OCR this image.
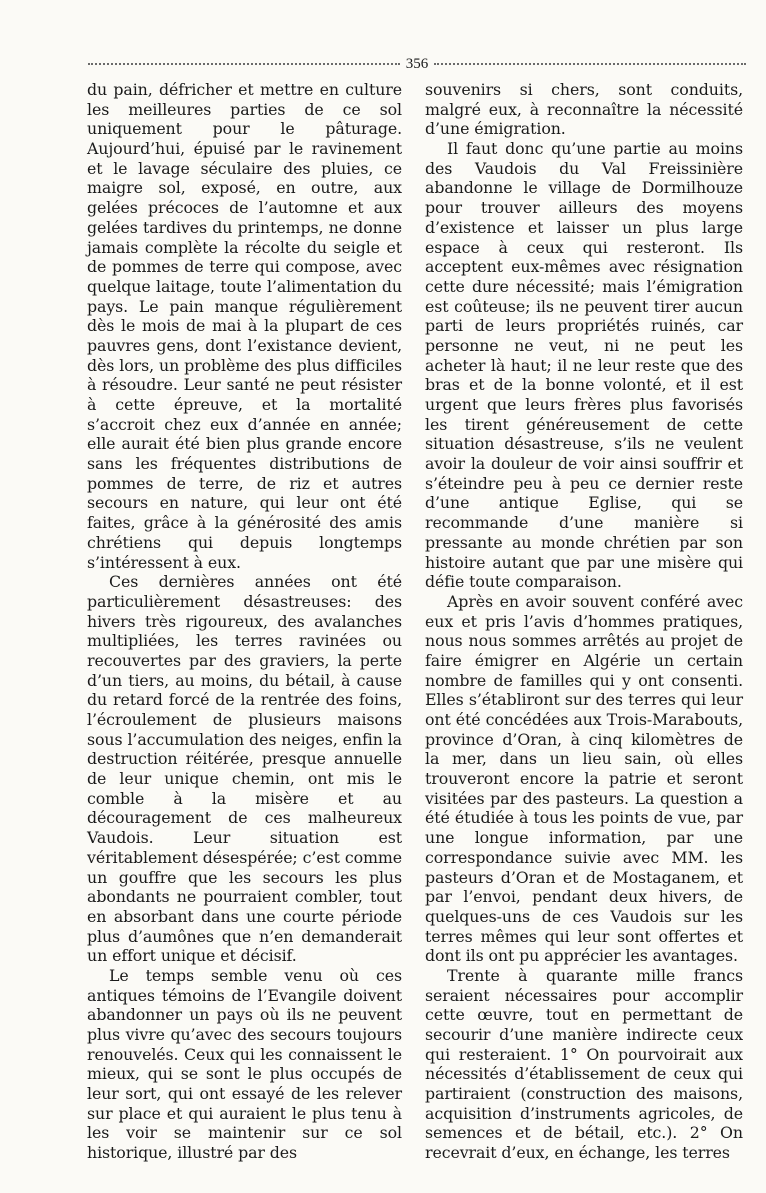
356

du pain, défricher et mettre en culture les meilleures parties de ce sol uniquement pour le pâturage. Aujourd’hui, épuisé par le ravinement et le lavage séculaire des pluies, ce maigre sol, exposé, en outre, aux gelées précoces de l’automne et aux gelées tardives du printemps, ne donne jamais complète la récolte du seigle et de pommes de terre qui compose, avec quelque laitage, toute l’alimentation du pays. Le pain manque régulièrement dès le mois de mai à la plupart de ces pauvres gens, dont l’existance devient, dès lors, un problème des plus difficiles à résoudre. Leur santé ne peut résister à cette épreuve, et la mortalité s’accroit chez eux d’année en année; elle aurait été bien plus grande encore sans les fréquentes distributions de pommes de terre, de riz et autres secours en nature, qui leur ont été faites, grâce à la générosité des amis chrétiens qui depuis longtemps s’intéressent à eux.

Ces dernières années ont été particulièrement désastreuses: des hivers très rigoureux, des avalanches multipliées, les terres ravinées ou recouvertes par des graviers, la perte d’un tiers, au moins, du bétail, à cause du retard forcé de la rentrée des foins, l’écroulement de plusieurs maisons sous l’accumulation des neiges, enfin la destruction réitérée, presque annuelle de leur unique chemin, ont mis le comble à la misère et au découragement de ces malheureux Vaudois. Leur situation est véritablement désespérée; c’est comme un gouffre que les secours les plus abondants ne pourraient combler, tout en absorbant dans une courte période plus d’aumônes que n’en demanderait un effort unique et décisif.

Le temps semble venu où ces antiques témoins de l’Evangile doivent abandonner un pays où ils ne peuvent plus vivre qu’avec des secours toujours renouvelés. Ceux qui les connaissent le mieux, qui se sont le plus occupés de leur sort, qui ont essayé de les relever sur place et qui auraient le plus tenu à les voir se maintenir sur ce sol historique, illustré par des

souvenirs si chers, sont conduits, malgré eux, à reconnaître la nécessité d’une émigration.

Il faut donc qu’une partie au moins des Vaudois du Val Freissinière abandonne le village de Dormilhouze pour trouver ailleurs des moyens d’existence et laisser un plus large espace à ceux qui resteront. Ils acceptent eux-mêmes avec résignation cette dure nécessité; mais l’émigration est coûteuse; ils ne peuvent tirer aucun parti de leurs propriétés ruinés, car personne ne veut, ni ne peut les acheter là haut; il ne leur reste que des bras et de la bonne volonté, et il est urgent que leurs frères plus favorisés les tirent généreusement de cette situation désastreuse, s’ils ne veulent avoir la douleur de voir ainsi souffrir et s’éteindre peu à peu ce dernier reste d’une antique Eglise, qui se recommande d’une manière si pressante au monde chrétien par son histoire autant que par une misère qui défie toute comparaison.

Après en avoir souvent conféré avec eux et pris l’avis d’hommes pratiques, nous nous sommes arrêtés au projet de faire émigrer en Algérie un certain nombre de familles qui y ont consenti. Elles s’établiront sur des terres qui leur ont été concédées aux Trois-Marabouts, province d’Oran, à cinq kilomètres de la mer, dans un lieu sain, où elles trouveront encore la patrie et seront visitées par des pasteurs. La question a été étudiée à tous les points de vue, par une longue information, par une correspondance suivie avec MM. les pasteurs d’Oran et de Mostaganem, et par l’envoi, pendant deux hivers, de quelques-uns de ces Vaudois sur les terres mêmes qui leur sont offertes et dont ils ont pu apprécier les avantages.

Trente à quarante mille francs seraient nécessaires pour accomplir cette œuvre, tout en permettant de secourir d’une manière indirecte ceux qui resteraient. 1° On pourvoirait aux nécessités d’établissement de ceux qui partiraient (construction des maisons, acquisition d’instruments agricoles, de semences et de bétail, etc.). 2° On recevrait d’eux, en échange, les terres
